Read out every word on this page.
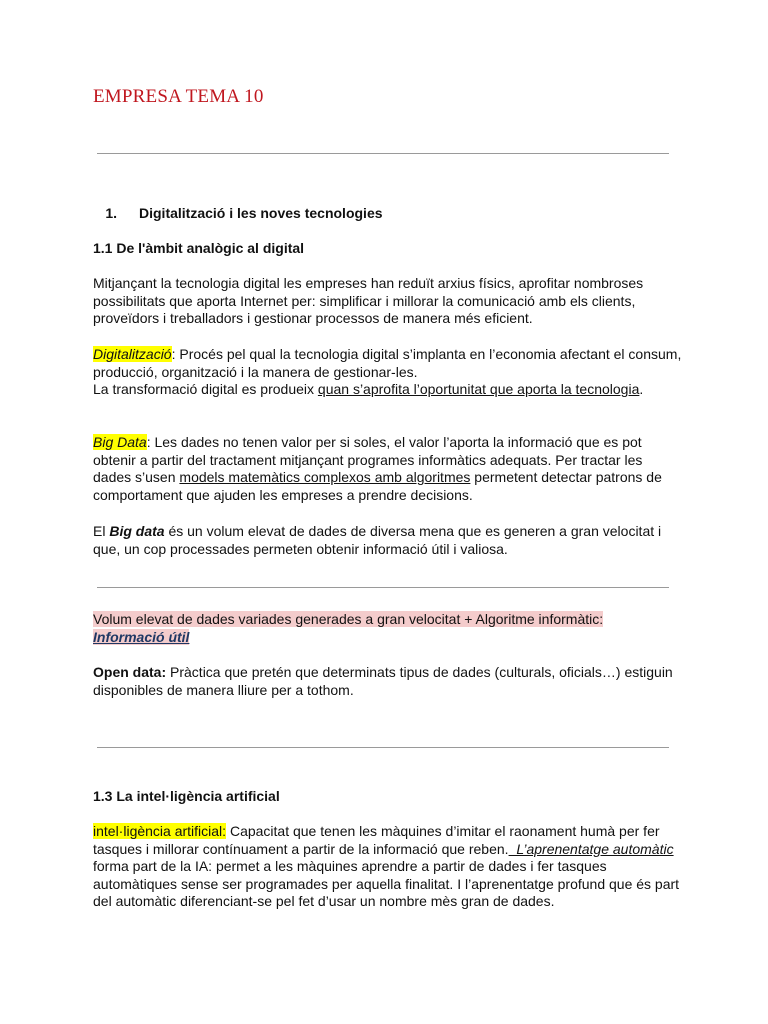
EMPRESA TEMA 10

1. Digitalització i les noves tecnologies

1.1 De l'àmbit analògic al digital

Mitjançant la tecnologia digital les empreses han reduït arxius físics, aprofitar nombroses possibilitats que aporta Internet per: simplificar i millorar la comunicació amb els clients, proveïdors i treballadors i gestionar processos de manera més eficient.

Digitalització: Procés pel qual la tecnologia digital s’implanta en l’economia afectant el consum, producció, organització i la manera de gestionar-les.
La transformació digital es produeix quan s’aprofita l’oportunitat que aporta la tecnologia.

Big Data: Les dades no tenen valor per si soles, el valor l’aporta la informació que es pot obtenir a partir del tractament mitjançant programes informàtics adequats. Per tractar les dades s’usen models matemàtics complexos amb algoritmes permetent detectar patrons de comportament que ajuden les empreses a prendre decisions.

El Big data és un volum elevat de dades de diversa mena que es generen a gran velocitat i que, un cop processades permeten obtenir informació útil i valiosa.

Volum elevat de dades variades generades a gran velocitat + Algoritme informàtic:
Informació útil

Open data: Pràctica que pretén que determinats tipus de dades (culturals, oficials…) estiguin disponibles de manera lliure per a tothom.

1.3 La intel·ligència artificial

intel·ligència artificial: Capacitat que tenen les màquines d’imitar el raonament humà per fer tasques i millorar contínuament a partir de la informació que reben.  L’aprenentatge automàtic forma part de la IA: permet a les màquines aprendre a partir de dades i fer tasques automàtiques sense ser programades per aquella finalitat. I l’aprenentatge profund que és part del automàtic diferenciant-se pel fet d’usar un nombre mès gran de dades.
